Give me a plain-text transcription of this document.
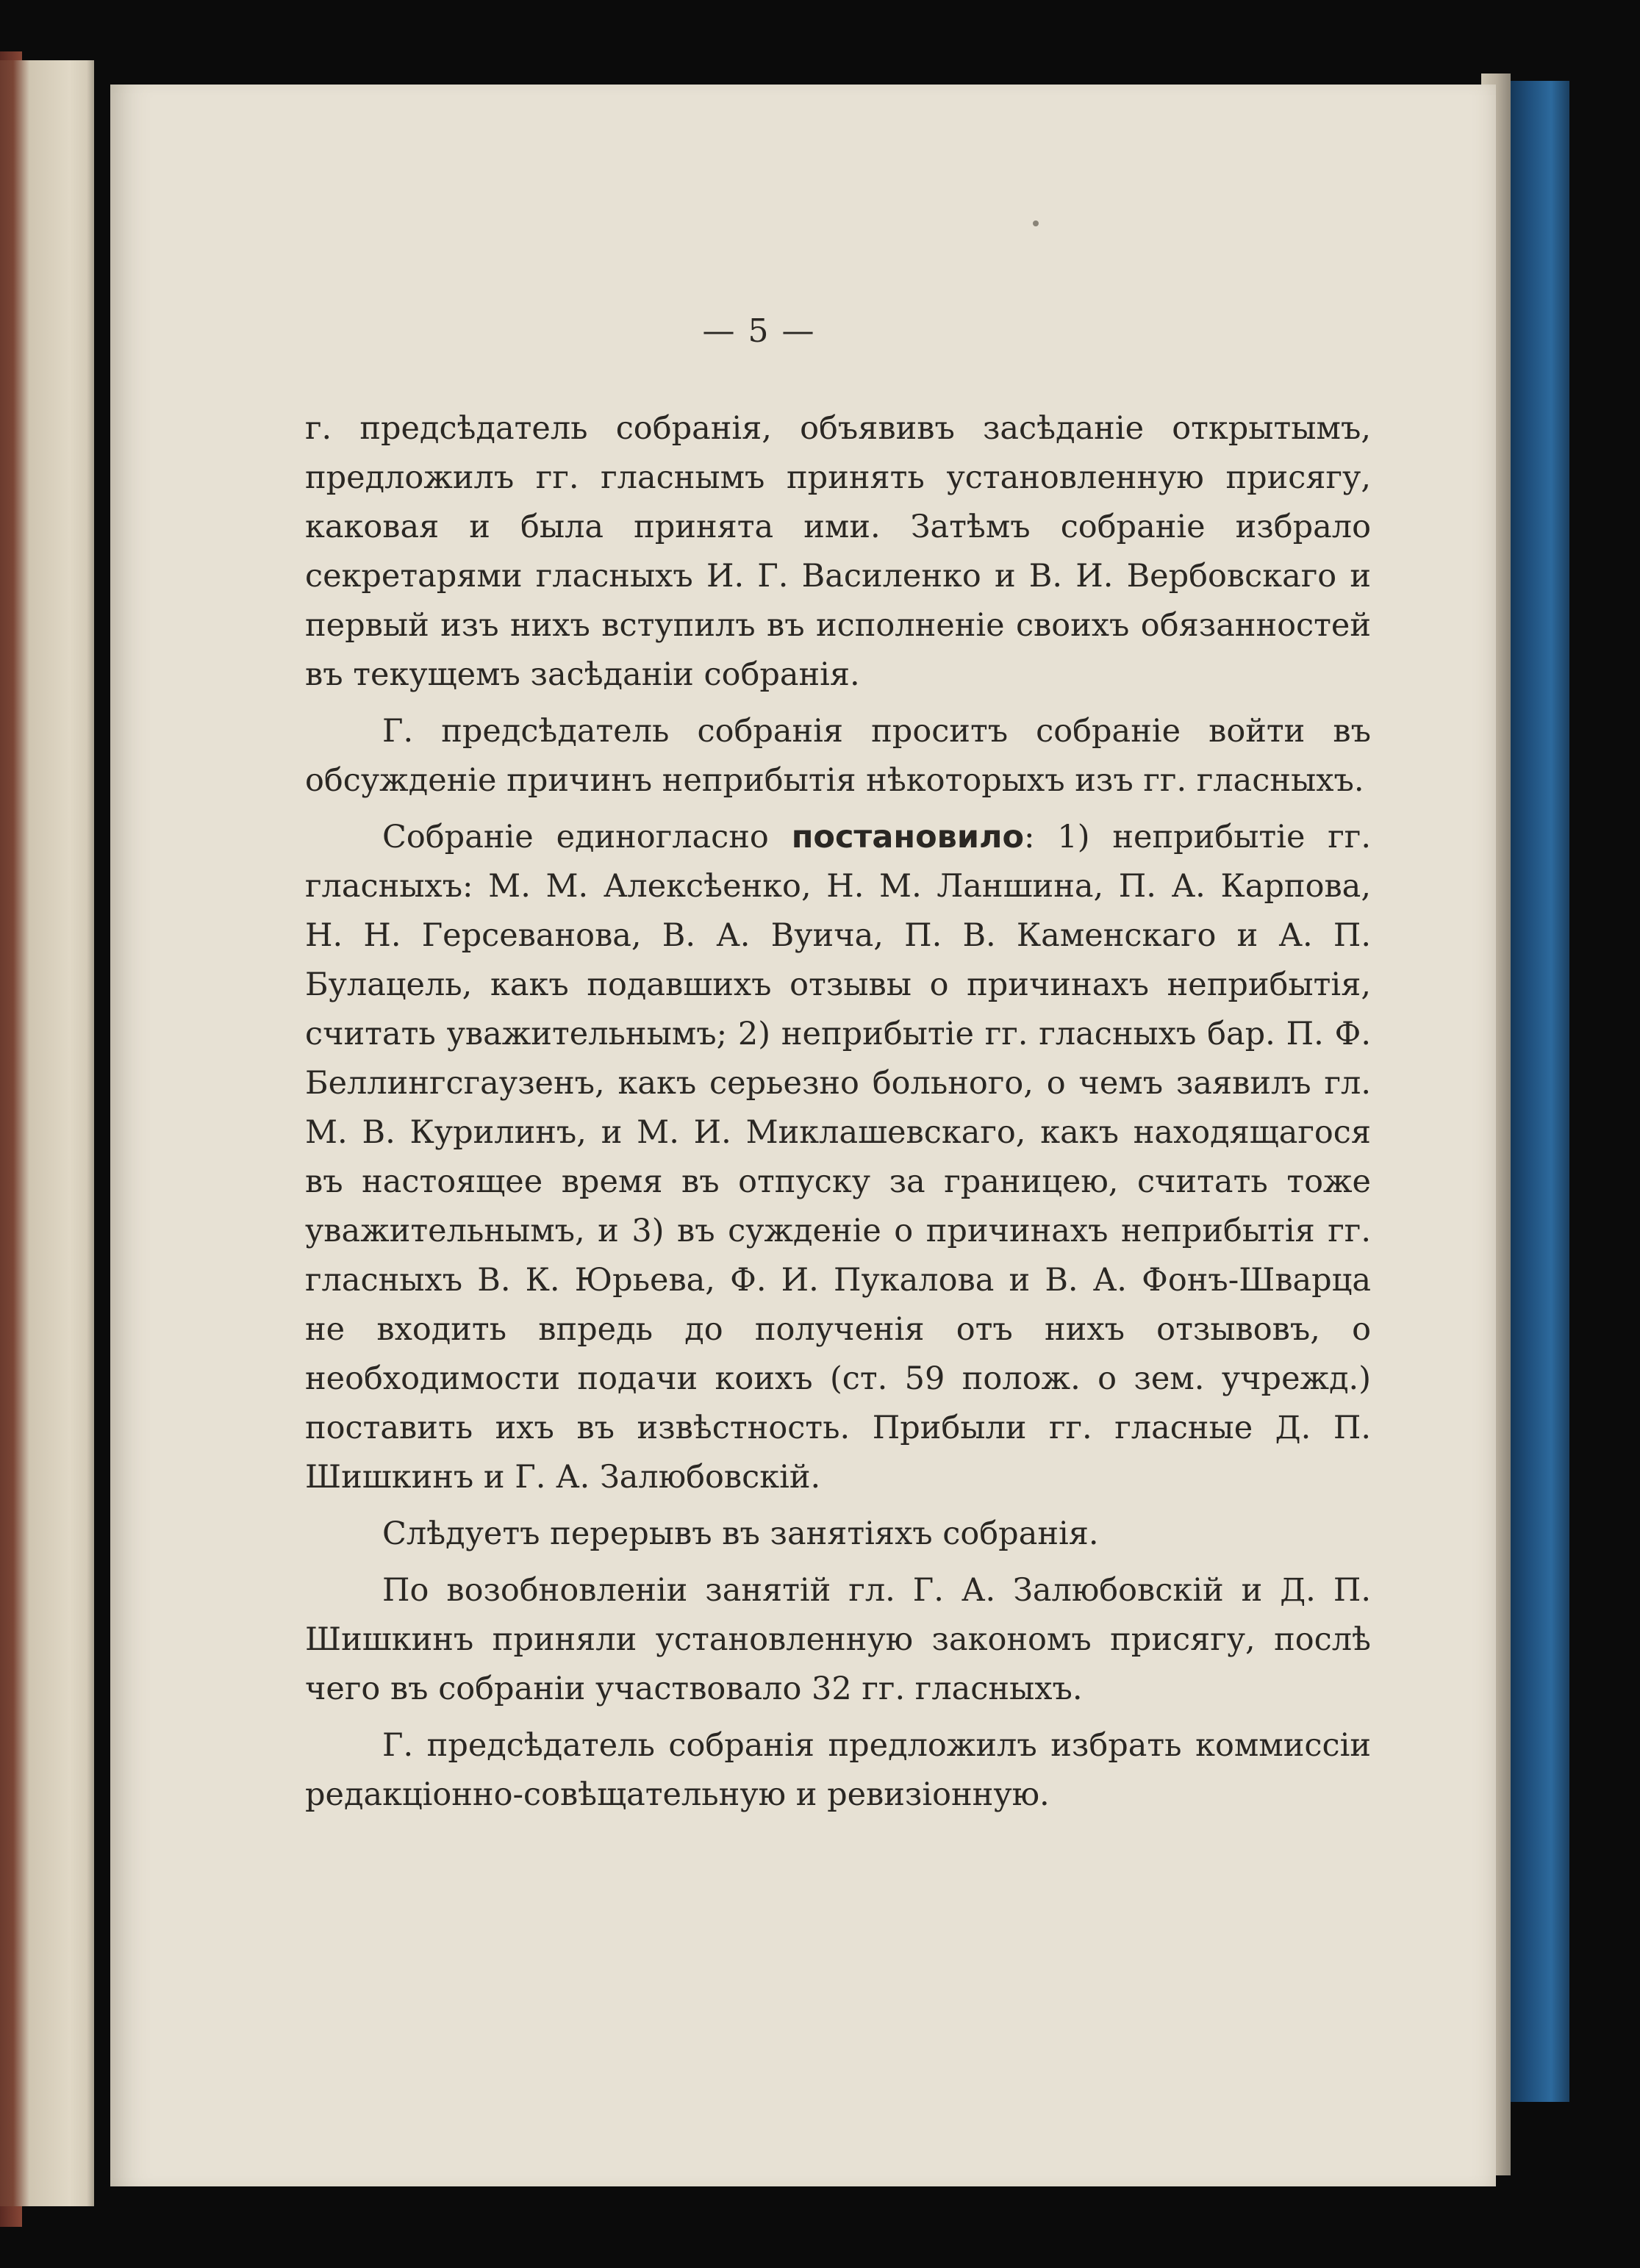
— 5 —

г. предсѣдатель собранія, объявивъ засѣданіе открытымъ, предложилъ гг. гласнымъ принять установленную присягу, каковая и была принята ими. Затѣмъ собраніе избрало секретарями гласныхъ И. Г. Василенко и В. И. Вербовскаго и первый изъ нихъ вступилъ въ исполненіе своихъ обязанностей въ текущемъ засѣданіи собранія.

Г. предсѣдатель собранія проситъ собраніе войти въ обсужденіе причинъ неприбытія нѣкоторыхъ изъ гг. гласныхъ.

Собраніе единогласно постановило: 1) неприбытіе гг. гласныхъ: М. М. Алексѣенко, Н. М. Ланшина, П. А. Карпова, Н. Н. Герсеванова, В. А. Вуича, П. В. Каменскаго и А. П. Булацель, какъ подавшихъ отзывы о причинахъ неприбытія, считать уважительнымъ; 2) неприбытіе гг. гласныхъ бар. П. Ф. Беллингсгаузенъ, какъ серьезно больного, о чемъ заявилъ гл. М. В. Курилинъ, и М. И. Миклашевскаго, какъ находящагося въ настоящее время въ отпуску за границею, считать тоже уважительнымъ, и 3) въ сужденіе о причинахъ неприбытія гг. гласныхъ В. К. Юрьева, Ф. И. Пукалова и В. А. Фонъ-Шварца не входить впредь до полученія отъ нихъ отзывовъ, о необходимости подачи коихъ (ст. 59 полож. о зем. учрежд.) поставить ихъ въ извѣстность. Прибыли гг. гласные Д. П. Шишкинъ и Г. А. Залюбовскій.

Слѣдуетъ перерывъ въ занятіяхъ собранія.

По возобновленіи занятій гл. Г. А. Залюбовскій и Д. П. Шишкинъ приняли установленную закономъ присягу, послѣ чего въ собраніи участвовало 32 гг. гласныхъ.

Г. предсѣдатель собранія предложилъ избрать коммиссіи редакціонно-совѣщательную и ревизіонную.
